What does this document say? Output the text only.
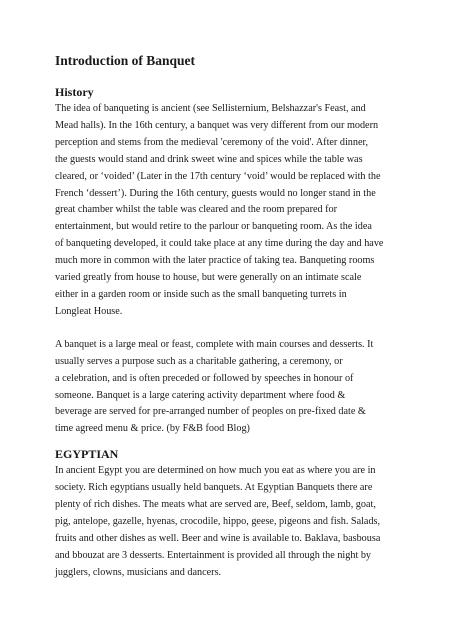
Introduction of Banquet
History

The idea of banqueting is ancient (see Sellisternium, Belshazzar's Feast, and
Mead halls). In the 16th century, a banquet was very different from our modern
perception and stems from the medieval 'ceremony of the void'. After dinner,
the guests would stand and drink sweet wine and spices while the table was
cleared, or ‘voided’ (Later in the 17th century ‘void’ would be replaced with the
French ‘dessert’). During the 16th century, guests would no longer stand in the
great chamber whilst the table was cleared and the room prepared for
entertainment, but would retire to the parlour or banqueting room. As the idea
of banqueting developed, it could take place at any time during the day and have
much more in common with the later practice of taking tea. Banqueting rooms
varied greatly from house to house, but were generally on an intimate scale
either in a garden room or inside such as the small banqueting turrets in
Longleat House.

A banquet is a large meal or feast, complete with main courses and desserts. It
usually serves a purpose such as a charitable gathering, a ceremony, or
a celebration, and is often preceded or followed by speeches in honour of
someone. Banquet is a large catering activity department where food &
beverage are served for pre-arranged number of peoples on pre-fixed date &
time agreed menu & price. (by F&B food Blog)

EGYPTIAN

In ancient Egypt you are determined on how much you eat as where you are in
society. Rich egyptians usually held banquets. At Egyptian Banquets there are
plenty of rich dishes. The meats what are served are, Beef, seldom, lamb, goat,
pig, antelope, gazelle, hyenas, crocodile, hippo, geese, pigeons and fish. Salads,
fruits and other dishes as well. Beer and wine is available to. Baklava, basbousa
and bbouzat are 3 desserts. Entertainment is provided all through the night by
jugglers, clowns, musicians and dancers.
